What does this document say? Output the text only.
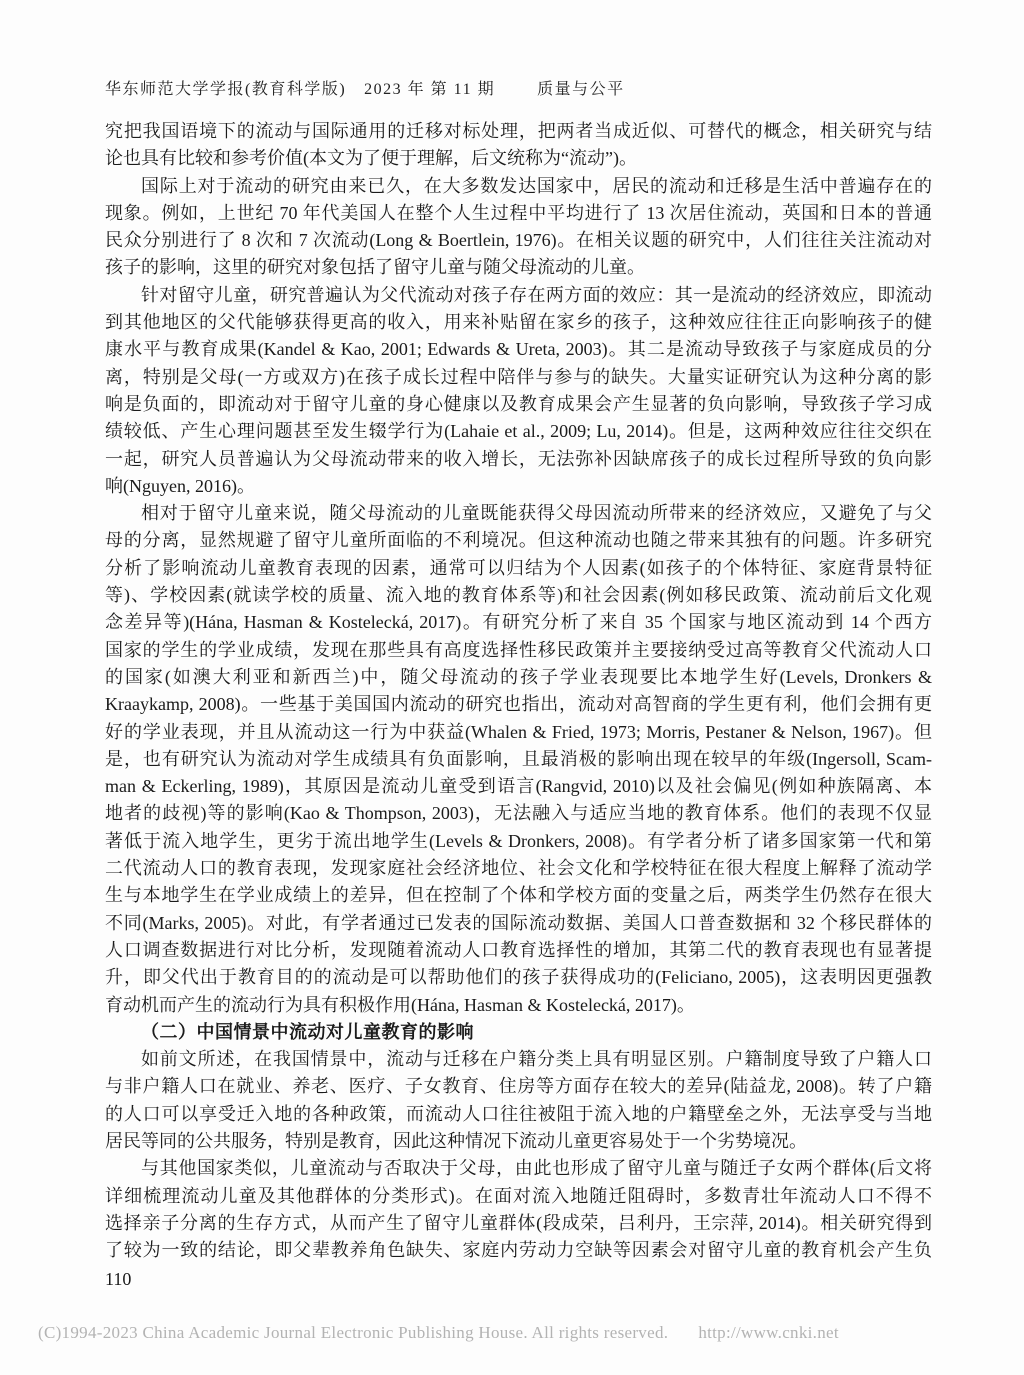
华东师范大学学报(教育科学版) 2023 年 第 11 期	质量与公平
究把我国语境下的流动与国际通用的迁移对标处理，把两者当成近似、可替代的概念，相关研究与结
论也具有比较和参考价值(本文为了便于理解，后文统称为“流动”)。
国际上对于流动的研究由来已久，在大多数发达国家中，居民的流动和迁移是生活中普遍存在的
现象。例如，上世纪 70 年代美国人在整个人生过程中平均进行了 13 次居住流动，英国和日本的普通
民众分别进行了 8 次和 7 次流动(Long & Boertlein, 1976)。在相关议题的研究中，人们往往关注流动对
孩子的影响，这里的研究对象包括了留守儿童与随父母流动的儿童。
针对留守儿童，研究普遍认为父代流动对孩子存在两方面的效应：其一是流动的经济效应，即流动
到其他地区的父代能够获得更高的收入，用来补贴留在家乡的孩子，这种效应往往正向影响孩子的健
康水平与教育成果(Kandel & Kao, 2001; Edwards & Ureta, 2003)。其二是流动导致孩子与家庭成员的分
离，特别是父母(一方或双方)在孩子成长过程中陪伴与参与的缺失。大量实证研究认为这种分离的影
响是负面的，即流动对于留守儿童的身心健康以及教育成果会产生显著的负向影响，导致孩子学习成
绩较低、产生心理问题甚至发生辍学行为(Lahaie et al., 2009; Lu, 2014)。但是，这两种效应往往交织在
一起，研究人员普遍认为父母流动带来的收入增长，无法弥补因缺席孩子的成长过程所导致的负向影
响(Nguyen, 2016)。
相对于留守儿童来说，随父母流动的儿童既能获得父母因流动所带来的经济效应，又避免了与父
母的分离，显然规避了留守儿童所面临的不利境况。但这种流动也随之带来其独有的问题。许多研究
分析了影响流动儿童教育表现的因素，通常可以归结为个人因素(如孩子的个体特征、家庭背景特征
等)、学校因素(就读学校的质量、流入地的教育体系等)和社会因素(例如移民政策、流动前后文化观
念差异等)(Hána, Hasman & Kostelecká, 2017)。有研究分析了来自 35 个国家与地区流动到 14 个西方
国家的学生的学业成绩，发现在那些具有高度选择性移民政策并主要接纳受过高等教育父代流动人口
的国家(如澳大利亚和新西兰)中，随父母流动的孩子学业表现要比本地学生好(Levels, Dronkers &
Kraaykamp, 2008)。一些基于美国国内流动的研究也指出，流动对高智商的学生更有利，他们会拥有更
好的学业表现，并且从流动这一行为中获益(Whalen & Fried, 1973; Morris, Pestaner & Nelson, 1967)。但
是，也有研究认为流动对学生成绩具有负面影响，且最消极的影响出现在较早的年级(Ingersoll, Scam-
man & Eckerling, 1989)，其原因是流动儿童受到语言(Rangvid, 2010)以及社会偏见(例如种族隔离、本
地者的歧视)等的影响(Kao & Thompson, 2003)，无法融入与适应当地的教育体系。他们的表现不仅显
著低于流入地学生，更劣于流出地学生(Levels & Dronkers, 2008)。有学者分析了诸多国家第一代和第
二代流动人口的教育表现，发现家庭社会经济地位、社会文化和学校特征在很大程度上解释了流动学
生与本地学生在学业成绩上的差异，但在控制了个体和学校方面的变量之后，两类学生仍然存在很大
不同(Marks, 2005)。对此，有学者通过已发表的国际流动数据、美国人口普查数据和 32 个移民群体的
人口调查数据进行对比分析，发现随着流动人口教育选择性的增加，其第二代的教育表现也有显著提
升，即父代出于教育目的的流动是可以帮助他们的孩子获得成功的(Feliciano, 2005)，这表明因更强教
育动机而产生的流动行为具有积极作用(Hána, Hasman & Kostelecká, 2017)。
（二）中国情景中流动对儿童教育的影响
如前文所述，在我国情景中，流动与迁移在户籍分类上具有明显区别。户籍制度导致了户籍人口
与非户籍人口在就业、养老、医疗、子女教育、住房等方面存在较大的差异(陆益龙, 2008)。转了户籍
的人口可以享受迁入地的各种政策，而流动人口往往被阻于流入地的户籍壁垒之外，无法享受与当地
居民等同的公共服务，特别是教育，因此这种情况下流动儿童更容易处于一个劣势境况。
与其他国家类似，儿童流动与否取决于父母，由此也形成了留守儿童与随迁子女两个群体(后文将
详细梳理流动儿童及其他群体的分类形式)。在面对流入地随迁阻碍时，多数青壮年流动人口不得不
选择亲子分离的生存方式，从而产生了留守儿童群体(段成荣，吕利丹，王宗萍, 2014)。相关研究得到
了较为一致的结论，即父辈教养角色缺失、家庭内劳动力空缺等因素会对留守儿童的教育机会产生负
110
(C)1994-2023 China Academic Journal Electronic Publishing House. All rights reserved. http://www.cnki.net
